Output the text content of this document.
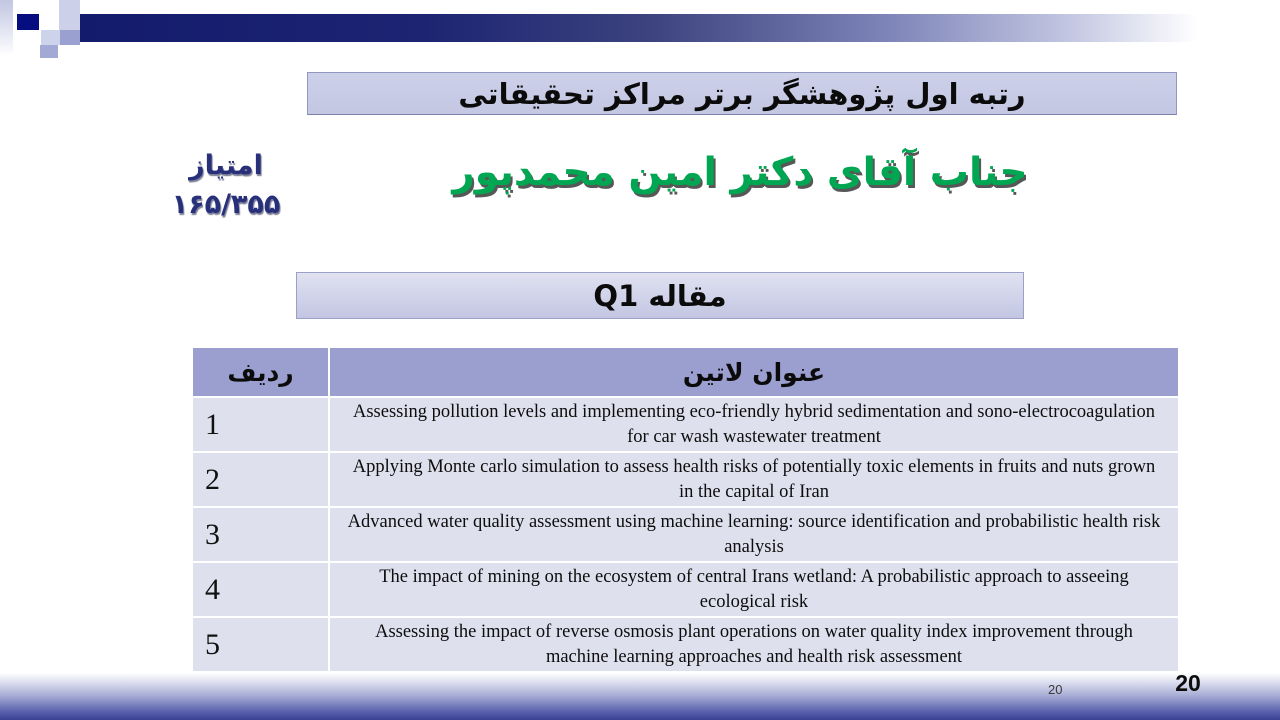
رتبه اول پژوهشگر برتر مراکز تحقیقاتی
امتیاز
۱۶۵/۳۵۵
جناب آقای دکتر امین محمدپور
مقاله Q1
ردیف	عنوان لاتین
1	Assessing pollution levels and implementing eco-friendly hybrid sedimentation and sono-electrocoagulation for car wash wastewater treatment
2	Applying Monte carlo simulation to assess health risks of potentially toxic elements in fruits and nuts grown in the capital of Iran
3	Advanced water quality assessment using machine learning: source identification and probabilistic health risk analysis
4	The impact of mining on the ecosystem of central Irans wetland: A probabilistic approach to asseeing ecological risk
5	Assessing the impact of reverse osmosis plant operations on water quality index improvement through machine learning approaches and health risk assessment
20	20
